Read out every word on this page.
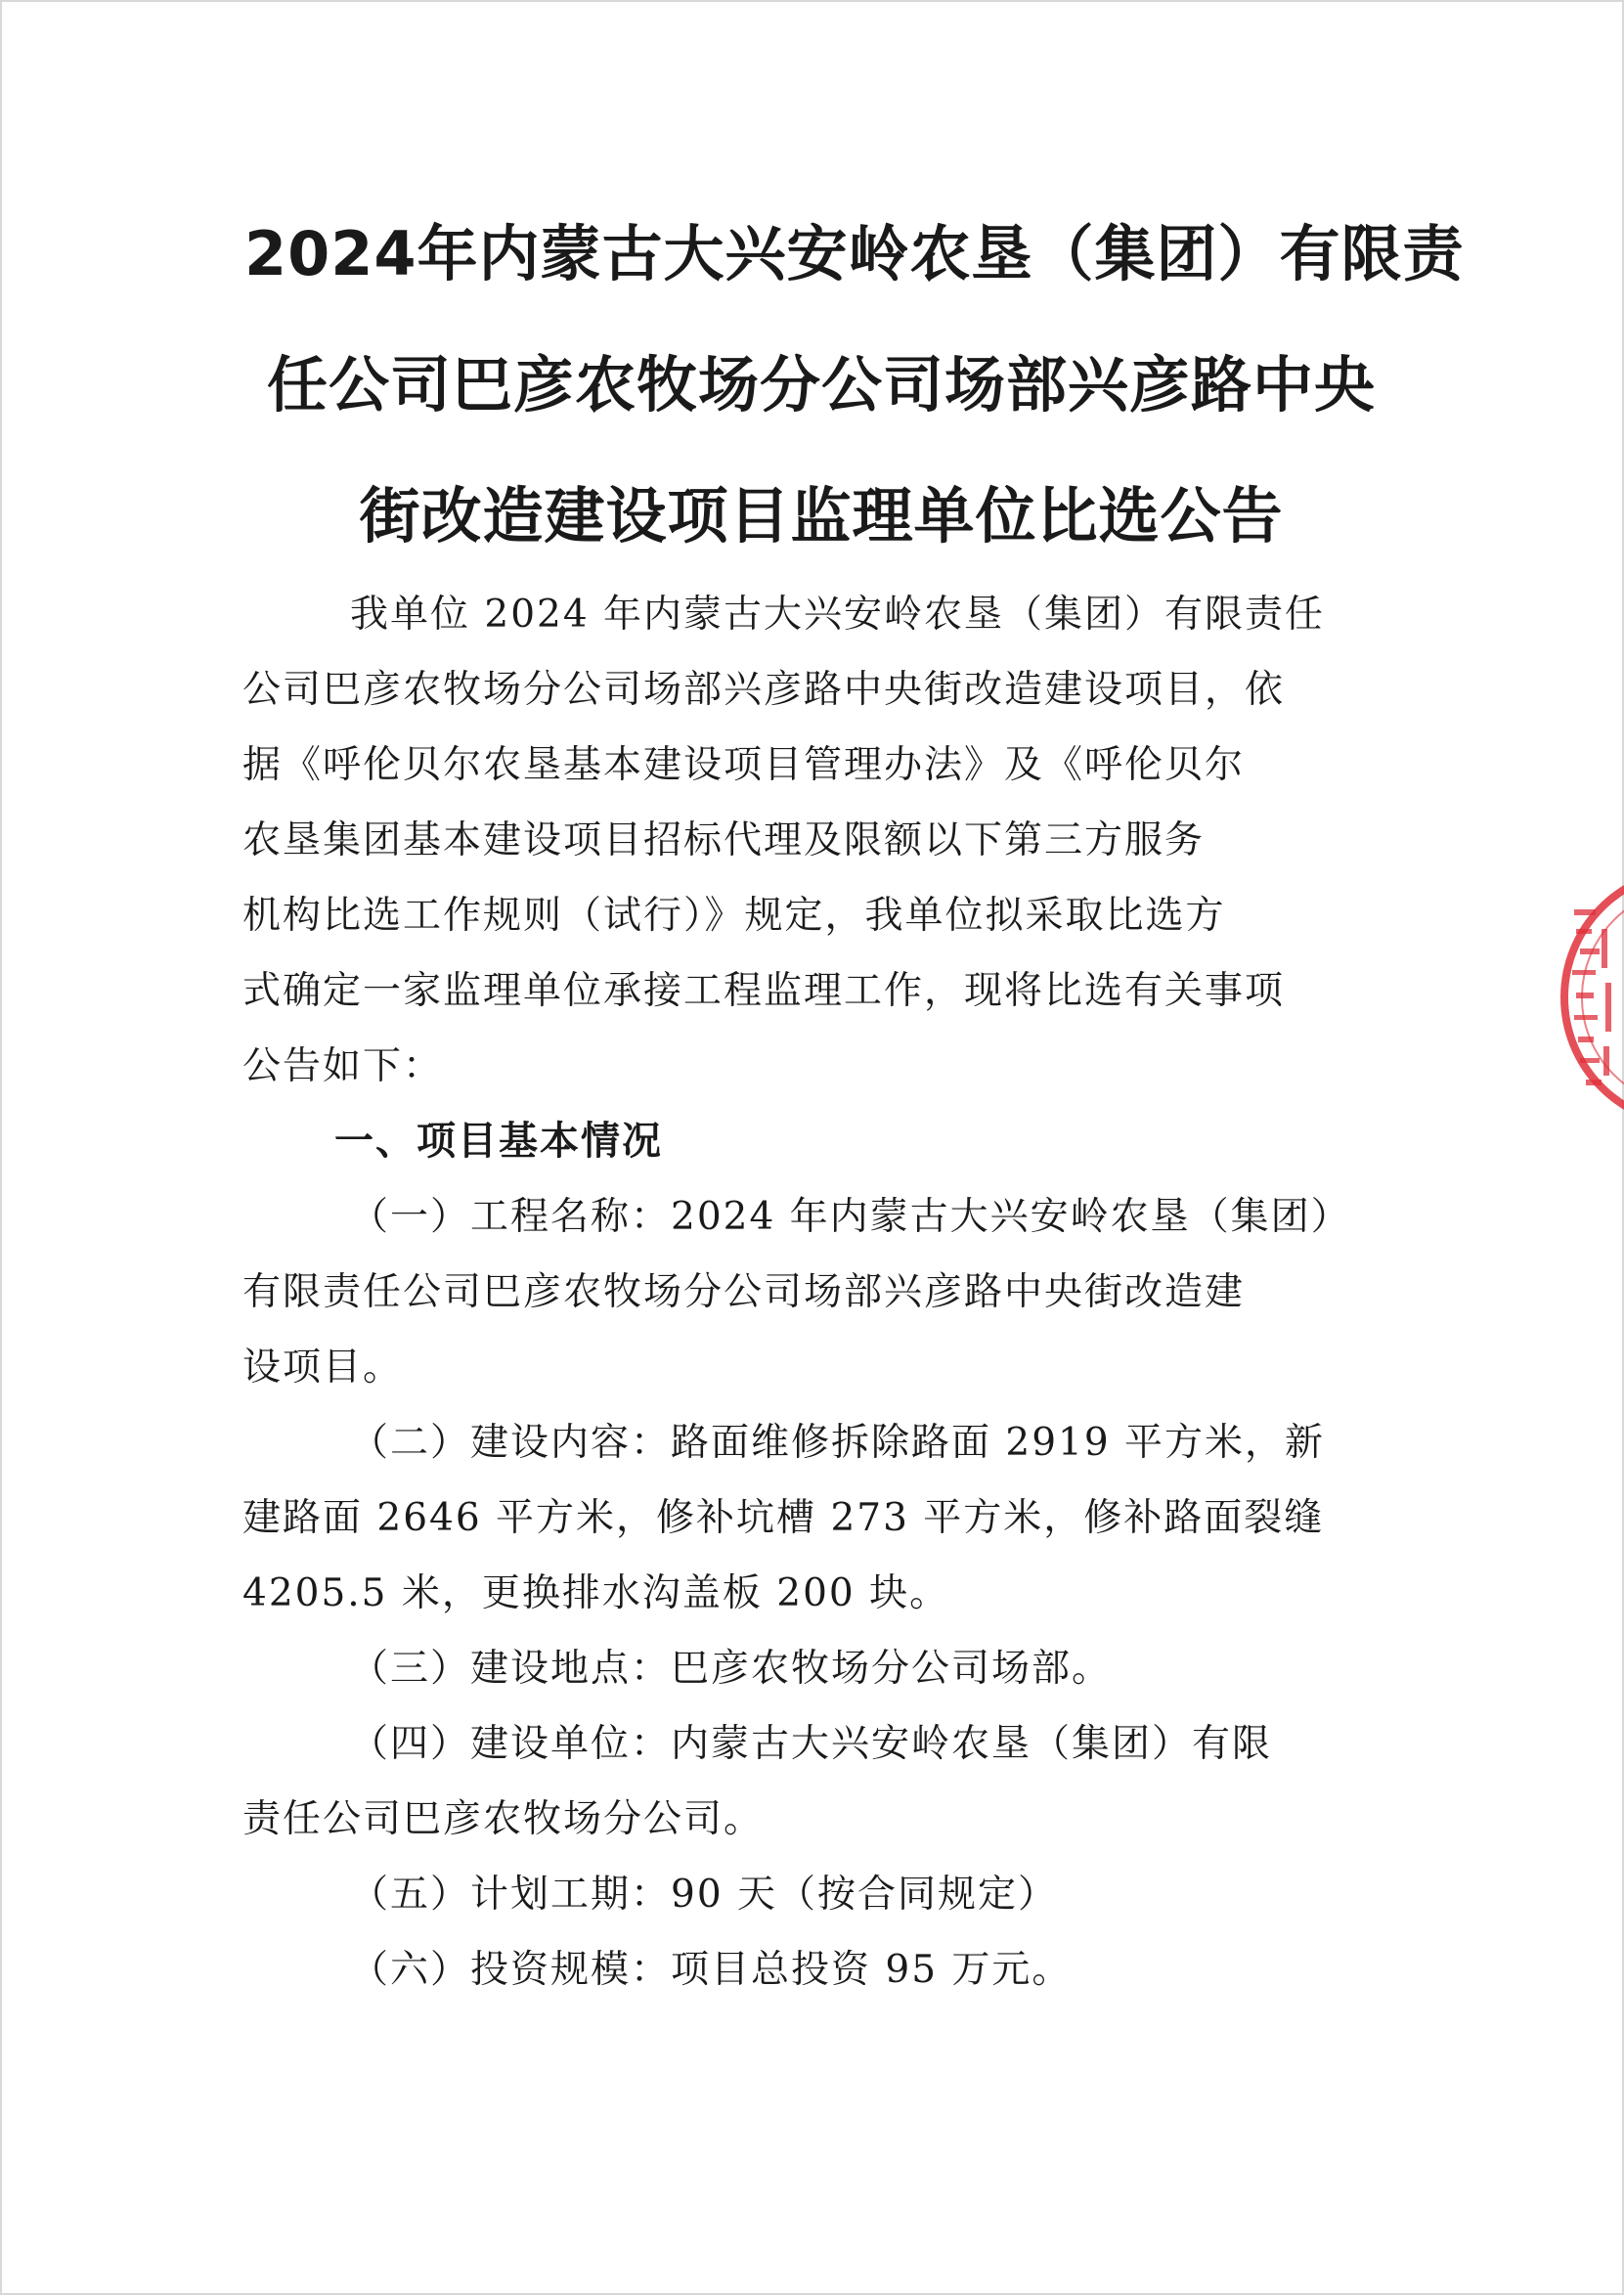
2024年内蒙古大兴安岭农垦（集团）有限责
任公司巴彦农牧场分公司场部兴彦路中央
街改造建设项目监理单位比选公告

我单位 2024 年内蒙古大兴安岭农垦（集团）有限责任
公司巴彦农牧场分公司场部兴彦路中央街改造建设项目，依
据《呼伦贝尔农垦基本建设项目管理办法》及《呼伦贝尔
农垦集团基本建设项目招标代理及限额以下第三方服务
机构比选工作规则（试行）》规定，我单位拟采取比选方
式确定一家监理单位承接工程监理工作，现将比选有关事项
公告如下：

一、项目基本情况

（一）工程名称：2024 年内蒙古大兴安岭农垦（集团）
有限责任公司巴彦农牧场分公司场部兴彦路中央街改造建
设项目。

（二）建设内容：路面维修拆除路面 2919 平方米，新
建路面 2646 平方米，修补坑槽 273 平方米，修补路面裂缝
4205.5 米，更换排水沟盖板 200 块。

（三）建设地点：巴彦农牧场分公司场部。

（四）建设单位：内蒙古大兴安岭农垦（集团）有限
责任公司巴彦农牧场分公司。

（五）计划工期：90 天（按合同规定）

（六）投资规模：项目总投资 95 万元。
